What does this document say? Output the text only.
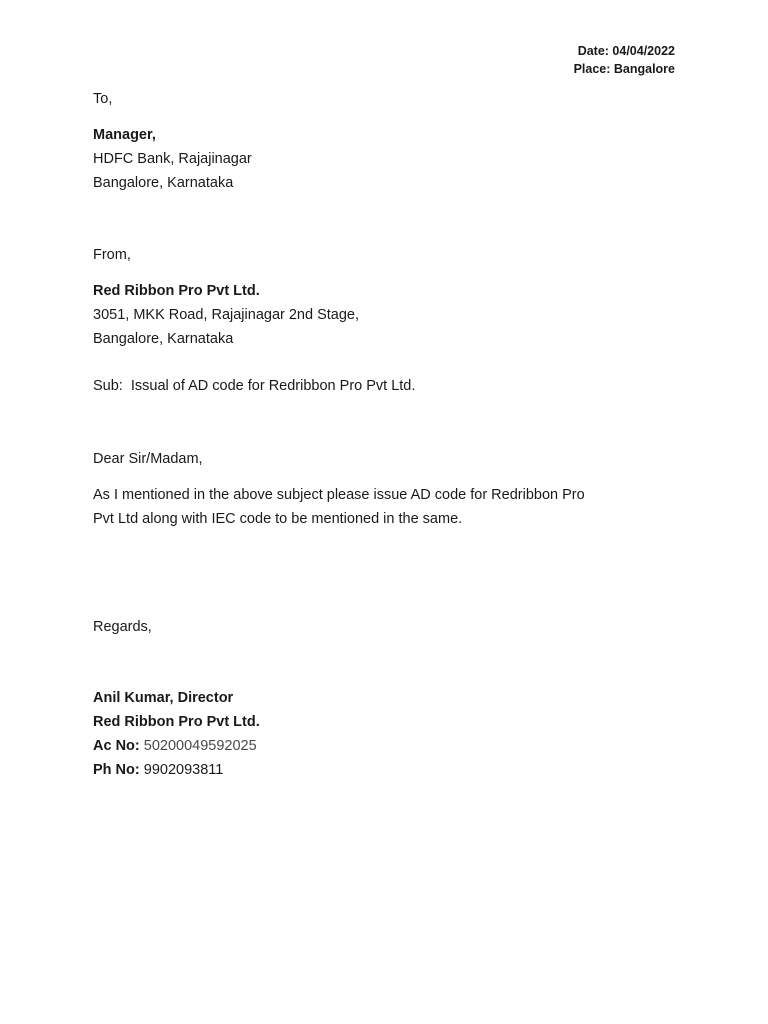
Date: 04/04/2022
Place: Bangalore
To,
Manager,
HDFC Bank, Rajajinagar
Bangalore, Karnataka
From,
Red Ribbon Pro Pvt Ltd.
3051, MKK Road, Rajajinagar 2nd Stage,
Bangalore, Karnataka
Sub:  Issual of AD code for Redribbon Pro Pvt Ltd.
Dear Sir/Madam,
As I mentioned in the above subject please issue AD code for Redribbon Pro
Pvt Ltd along with IEC code to be mentioned in the same.
Regards,
Anil Kumar, Director
Red Ribbon Pro Pvt Ltd.
Ac No: 50200049592025
Ph No: 9902093811
